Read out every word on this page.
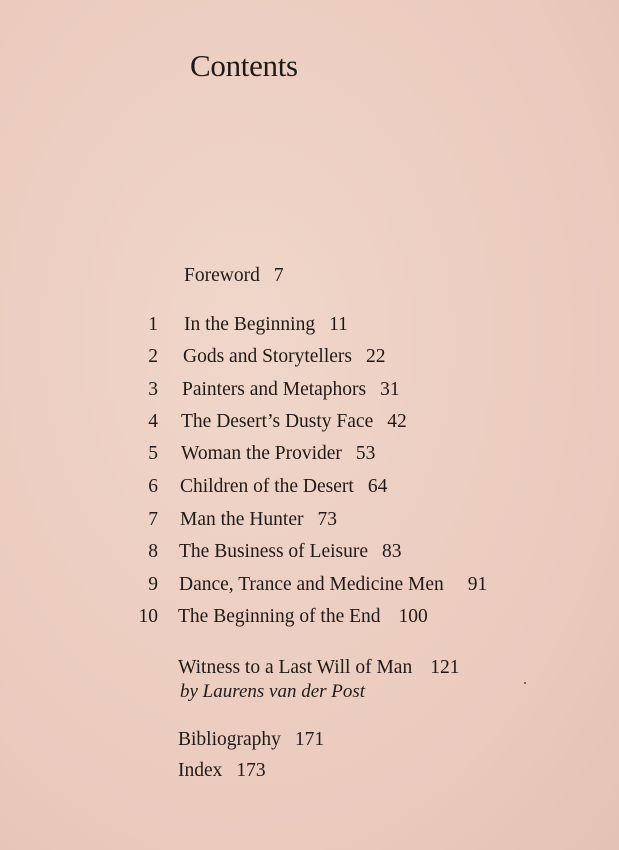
Contents
Foreword 7
1 In the Beginning 11
2 Gods and Storytellers 22
3 Painters and Metaphors 31
4 The Desert’s Dusty Face 42
5 Woman the Provider 53
6 Children of the Desert 64
7 Man the Hunter 73
8 The Business of Leisure 83
9 Dance, Trance and Medicine Men 91
10 The Beginning of the End 100
Witness to a Last Will of Man 121
by Laurens van der Post
Bibliography 171
Index 173
